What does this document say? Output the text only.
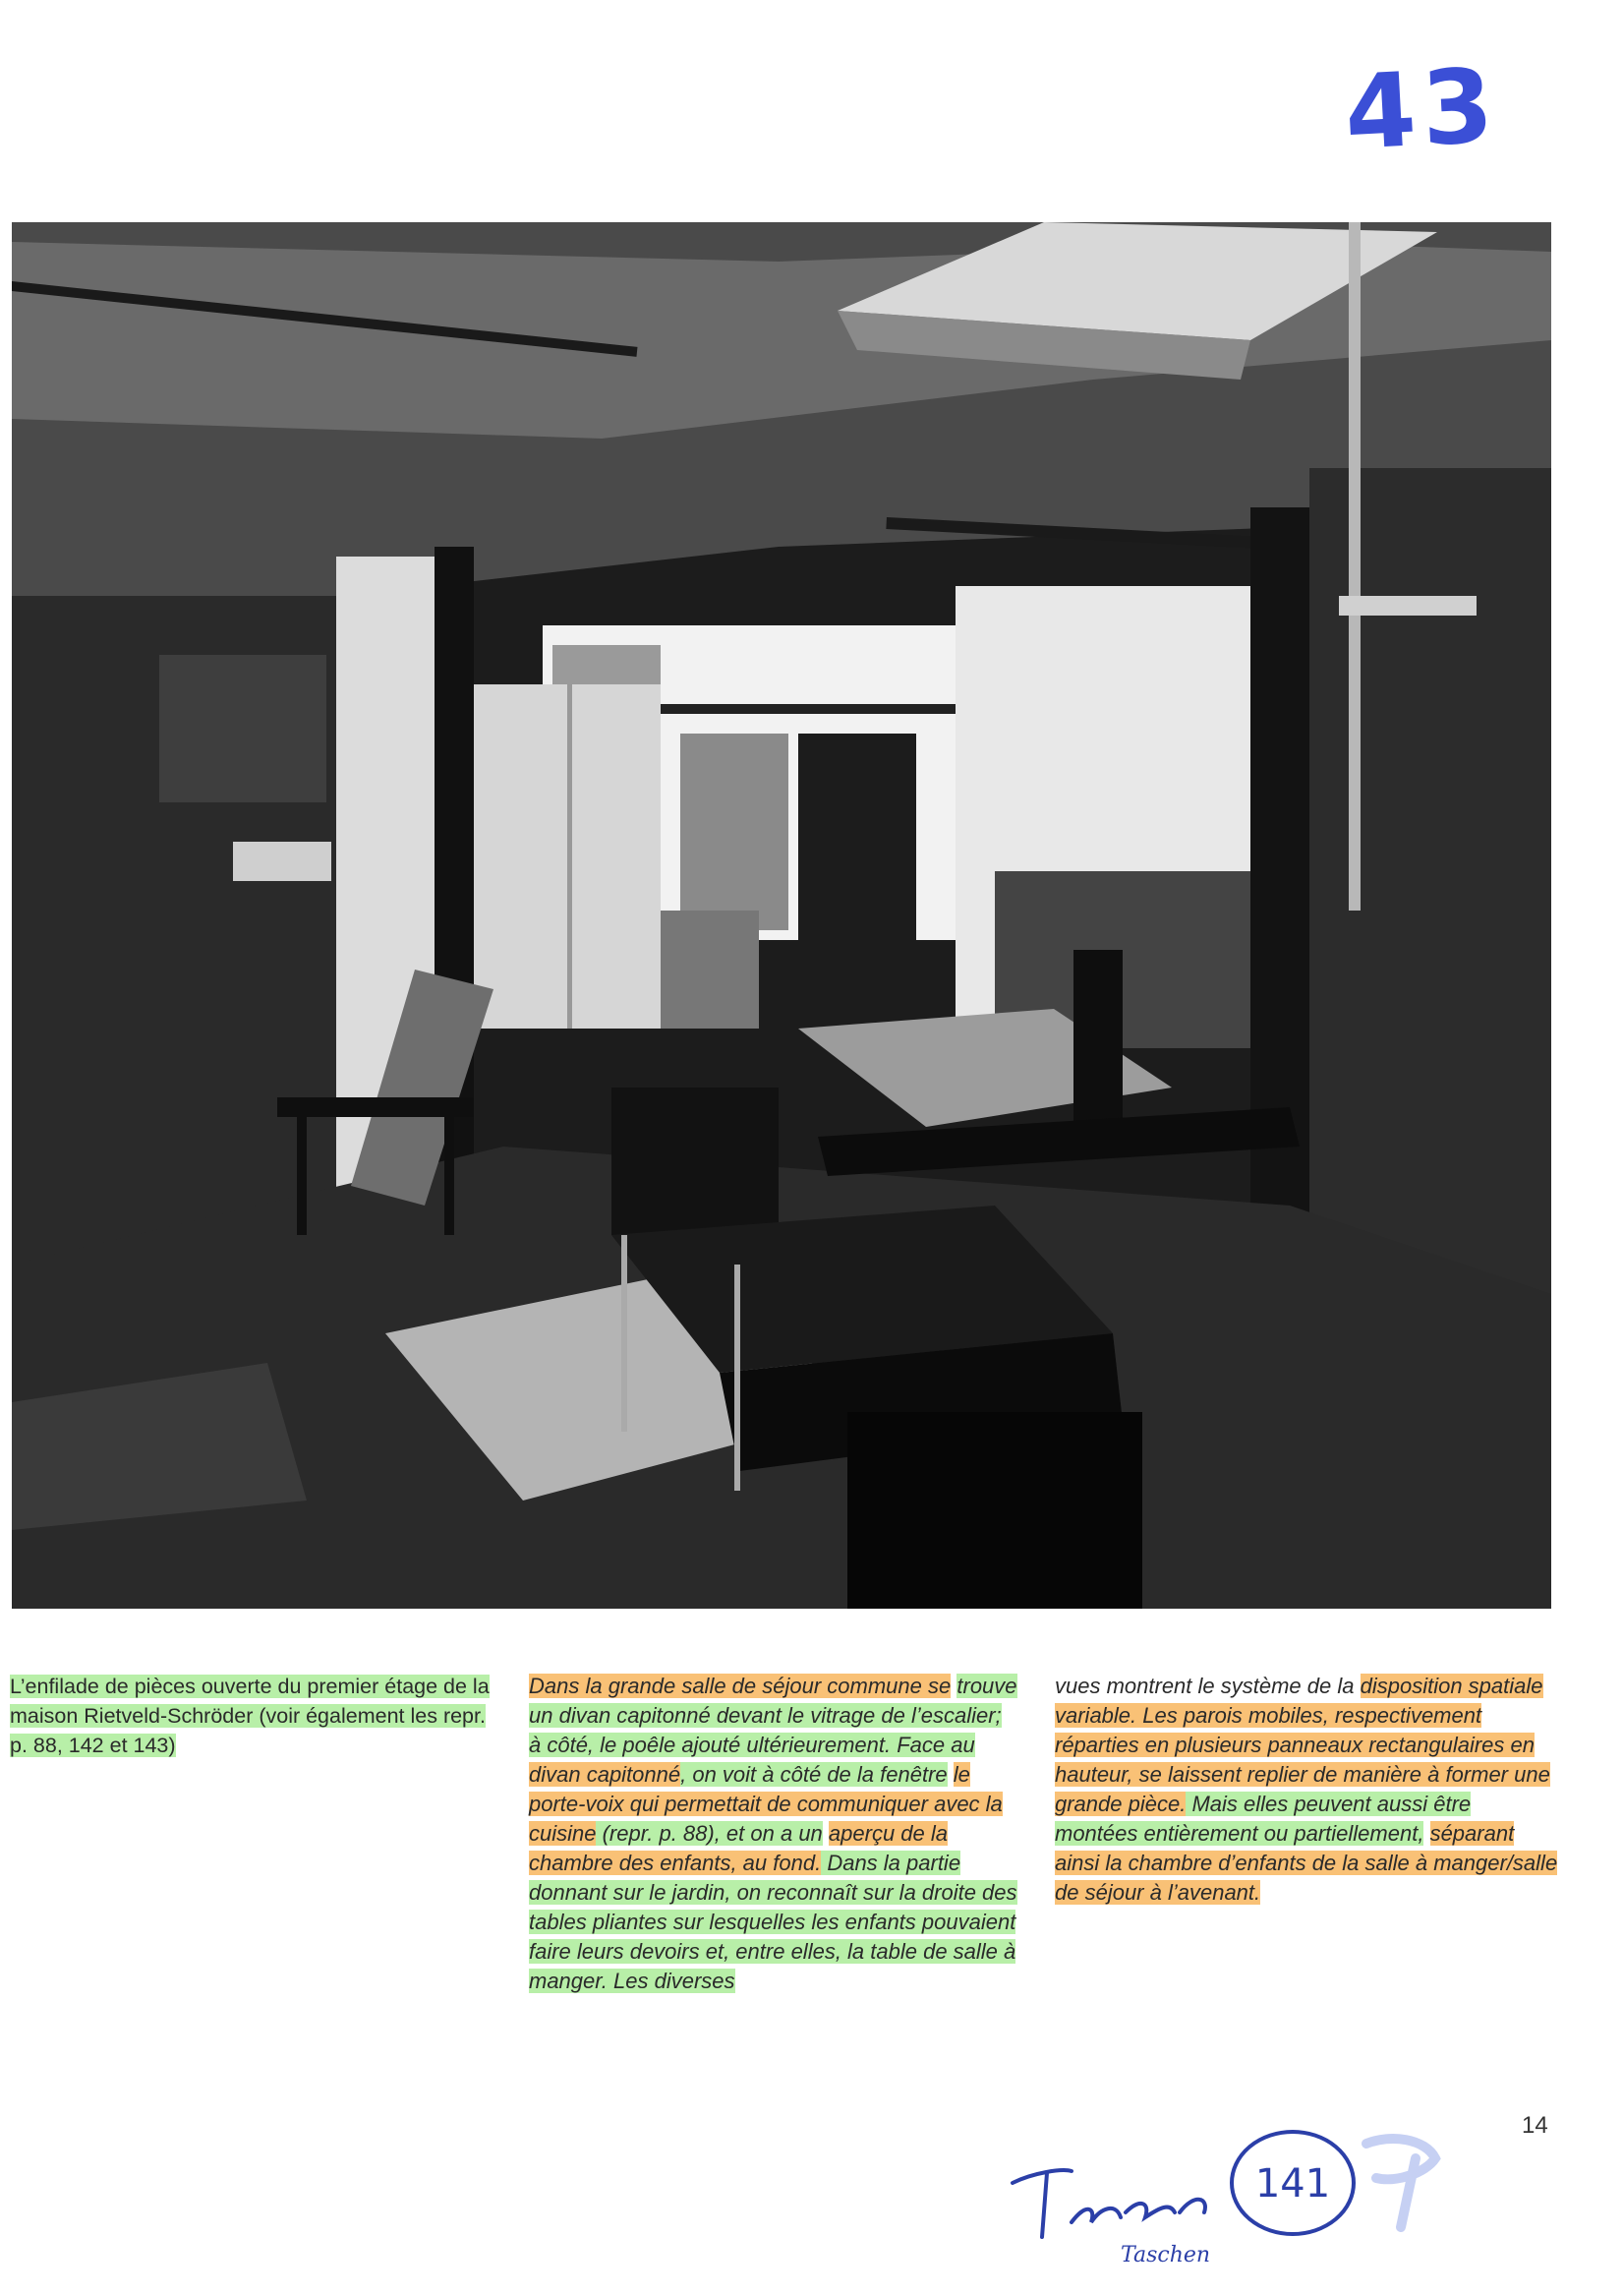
43

L’enfilade de pièces ouverte du premier étage de la maison Rietveld-Schröder (voir également les repr. p. 88, 142 et 143)

Dans la grande salle de séjour commune se trouve un divan capitonné devant le vitrage de l’escalier; à côté, le poêle ajouté ultérieurement. Face au divan capitonné, on voit à côté de la fenêtre le porte-voix qui permettait de communiquer avec la cuisine (repr. p. 88), et on a un aperçu de la chambre des enfants, au fond. Dans la partie donnant sur le jardin, on reconnaît sur la droite des tables pliantes sur lesquelles les enfants pouvaient faire leurs devoirs et, entre elles, la table de salle à manger. Les diverses

vues montrent le système de la disposition spatiale variable. Les parois mobiles, respectivement réparties en plusieurs panneaux rectangulaires en hauteur, se laissent replier de manière à former une grande pièce. Mais elles peuvent aussi être montées entièrement ou partiellement, séparant ainsi la chambre d’enfants de la salle à manger/salle de séjour à l’avenant.

Taschen
141
14
